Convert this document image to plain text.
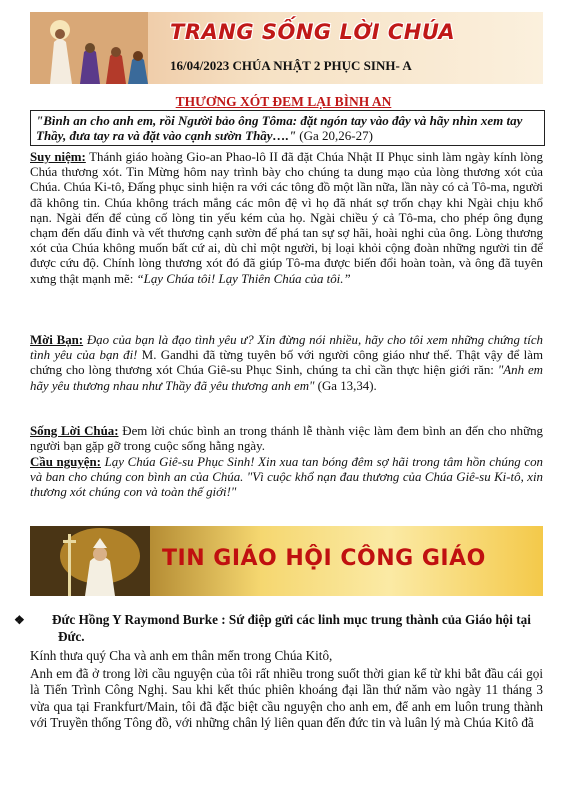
TRANG SỐNG LỜI CHÚA
16/04/2023 CHÚA NHẬT 2 PHỤC SINH- A
THƯƠNG XÓT ĐEM LẠI BÌNH AN
"Bình an cho anh em, rồi Người bảo ông Tôma: đặt ngón tay vào đây và hãy nhìn xem tay Thầy, đưa tay ra và đặt vào cạnh sườn Thầy…." (Ga 20,26-27)
Suy niệm: Thánh giáo hoàng Gio-an Phao-lô II đã đặt Chúa Nhật II Phục sinh làm ngày kính lòng Chúa thương xót. Tin Mừng hôm nay trình bày cho chúng ta dung mạo của lòng thương xót của Chúa. Chúa Ki-tô, Đấng phục sinh hiện ra với các tông đồ một lần nữa, lần này có cả Tô-ma, người đã không tin. Chúa không trách mắng các môn đệ vì họ đã nhát sợ trốn chạy khi Ngài chịu khổ nạn. Ngài đến để củng cố lòng tin yếu kém của họ. Ngài chiều ý cả Tô-ma, cho phép ông đụng chạm đến dấu đinh và vết thương cạnh sườn để phá tan sự sợ hãi, hoài nghi của ông. Lòng thương xót của Chúa không muốn bất cứ ai, dù chỉ một người, bị loại khỏi cộng đoàn những người tin để được cứu độ. Chính lòng thương xót đó đã giúp Tô-ma được biến đổi hoàn toàn, và ông đã tuyên xưng thật mạnh mẽ: “Lạy Chúa tôi! Lạy Thiên Chúa của tôi.”
Mời Bạn: Đạo của bạn là đạo tình yêu ư? Xin đừng nói nhiều, hãy cho tôi xem những chứng tích tình yêu của bạn đi! M. Gandhi đã từng tuyên bố với người công giáo như thế. Thật vậy để làm chứng cho lòng thương xót Chúa Giê-su Phục Sinh, chúng ta chỉ cần thực hiện giới răn: "Anh em hãy yêu thương nhau như Thầy đã yêu thương anh em" (Ga 13,34).
Sống Lời Chúa: Đem lời chúc bình an trong thánh lễ thành việc làm đem bình an đến cho những người bạn gặp gỡ trong cuộc sống hằng ngày.
Cầu nguyện: Lạy Chúa Giê-su Phục Sinh! Xin xua tan bóng đêm sợ hãi trong tâm hồn chúng con và ban cho chúng con bình an của Chúa. "Vì cuộc khổ nạn đau thương của Chúa Giê-su Ki-tô, xin thương xót chúng con và toàn thế giới!"
TIN GIÁO HỘI CÔNG GIÁO
❖ Đức Hồng Y Raymond Burke : Sứ điệp gửi các linh mục trung thành của Giáo hội tại Đức.

Kính thưa quý Cha và anh em thân mến trong Chúa Kitô,

Anh em đã ở trong lời cầu nguyện của tôi rất nhiều trong suốt thời gian kể từ khi bắt đầu cái gọi là Tiến Trình Công Nghị. Sau khi kết thúc phiên khoáng đại lần thứ năm vào ngày 11 tháng 3 vừa qua tại Frankfurt/Main, tôi đã đặc biệt cầu nguyện cho anh em, để anh em luôn trung thành với Truyền thống Tông đồ, với những chân lý liên quan đến đức tin và luân lý mà Chúa Kitô đã
